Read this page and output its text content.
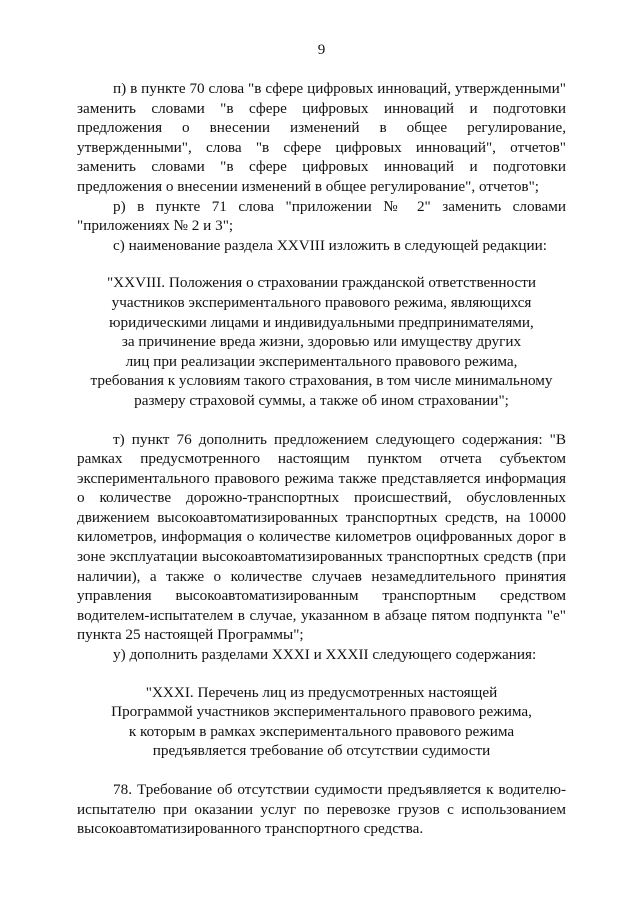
9

п) в пункте 70 слова "в сфере цифровых инноваций, утвержденными" заменить словами "в сфере цифровых инноваций и подготовки предложения о внесении изменений в общее регулирование, утвержденными", слова "в сфере цифровых инноваций", отчетов" заменить словами "в сфере цифровых инноваций и подготовки предложения о внесении изменений в общее регулирование", отчетов";

р) в пункте 71 слова "приложении № 2" заменить словами "приложениях № 2 и 3";

с) наименование раздела XXVIII изложить в следующей редакции:

"XXVIII. Положения о страховании гражданской ответственности
участников экспериментального правового режима, являющихся
юридическими лицами и индивидуальными предпринимателями,
за причинение вреда жизни, здоровью или имуществу других
лиц при реализации экспериментального правового режима,
требования к условиям такого страхования, в том числе минимальному
размеру страховой суммы, а также об ином страховании";

т) пункт 76 дополнить предложением следующего содержания: "В рамках предусмотренного настоящим пунктом отчета субъектом экспериментального правового режима также представляется информация о количестве дорожно-транспортных происшествий, обусловленных движением высокоавтоматизированных транспортных средств, на 10000 километров, информация о количестве километров оцифрованных дорог в зоне эксплуатации высокоавтоматизированных транспортных средств (при наличии), а также о количестве случаев незамедлительного принятия управления высокоавтоматизированным транспортным средством водителем-испытателем в случае, указанном в абзаце пятом подпункта "е" пункта 25 настоящей Программы";

у) дополнить разделами XXXI и XXXII следующего содержания:

"XXXI. Перечень лиц из предусмотренных настоящей
Программой участников экспериментального правового режима,
к которым в рамках экспериментального правового режима
предъявляется требование об отсутствии судимости

78. Требование об отсутствии судимости предъявляется к водителю-испытателю при оказании услуг по перевозке грузов с использованием высокоавтоматизированного транспортного средства.
